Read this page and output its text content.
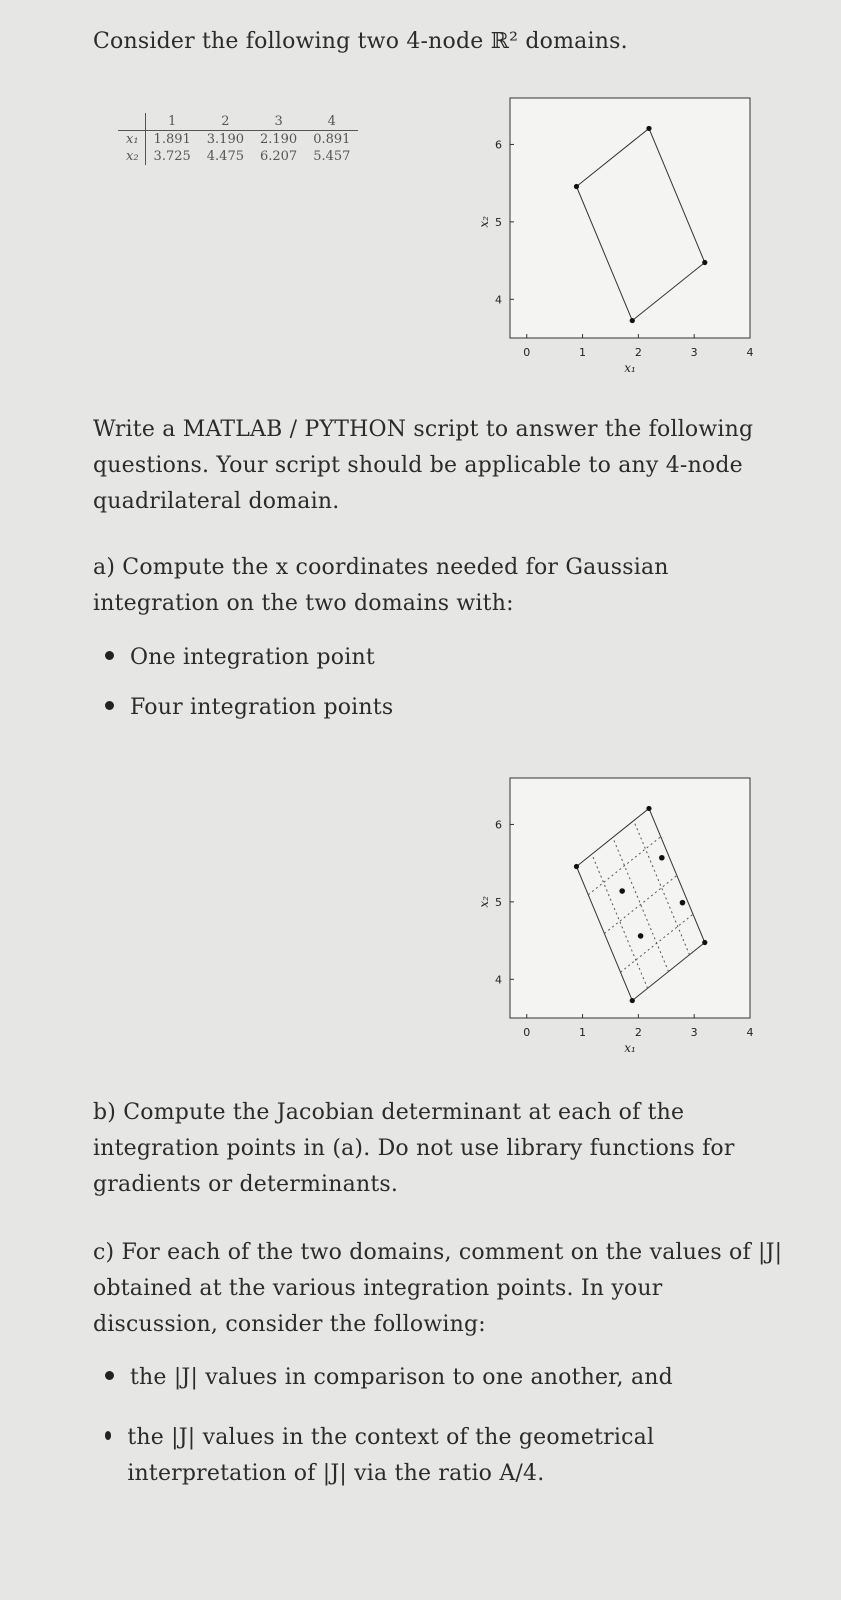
Consider the following two 4-node ℝ² domains.
	1	2	3	4
x₁	1.891	3.190	2.190	0.891
x₂	3.725	4.475	6.207	5.457
0	1	2	3	4
4
5
6
x₁
x₂
Write a MATLAB / PYTHON script to answer the following questions. Your script should be applicable to any 4-node quadrilateral domain.
a) Compute the x coordinates needed for Gaussian integration on the two domains with:
One integration point
Four integration points
0	1	2	3	4
4
5
6
x₁
x₂
b) Compute the Jacobian determinant at each of the integration points in (a). Do not use library functions for gradients or determinants.
c) For each of the two domains, comment on the values of |J| obtained at the various integration points. In your discussion, consider the following:
the |J| values in comparison to one another, and
the |J| values in the context of the geometrical interpretation of |J| via the ratio A/4.
